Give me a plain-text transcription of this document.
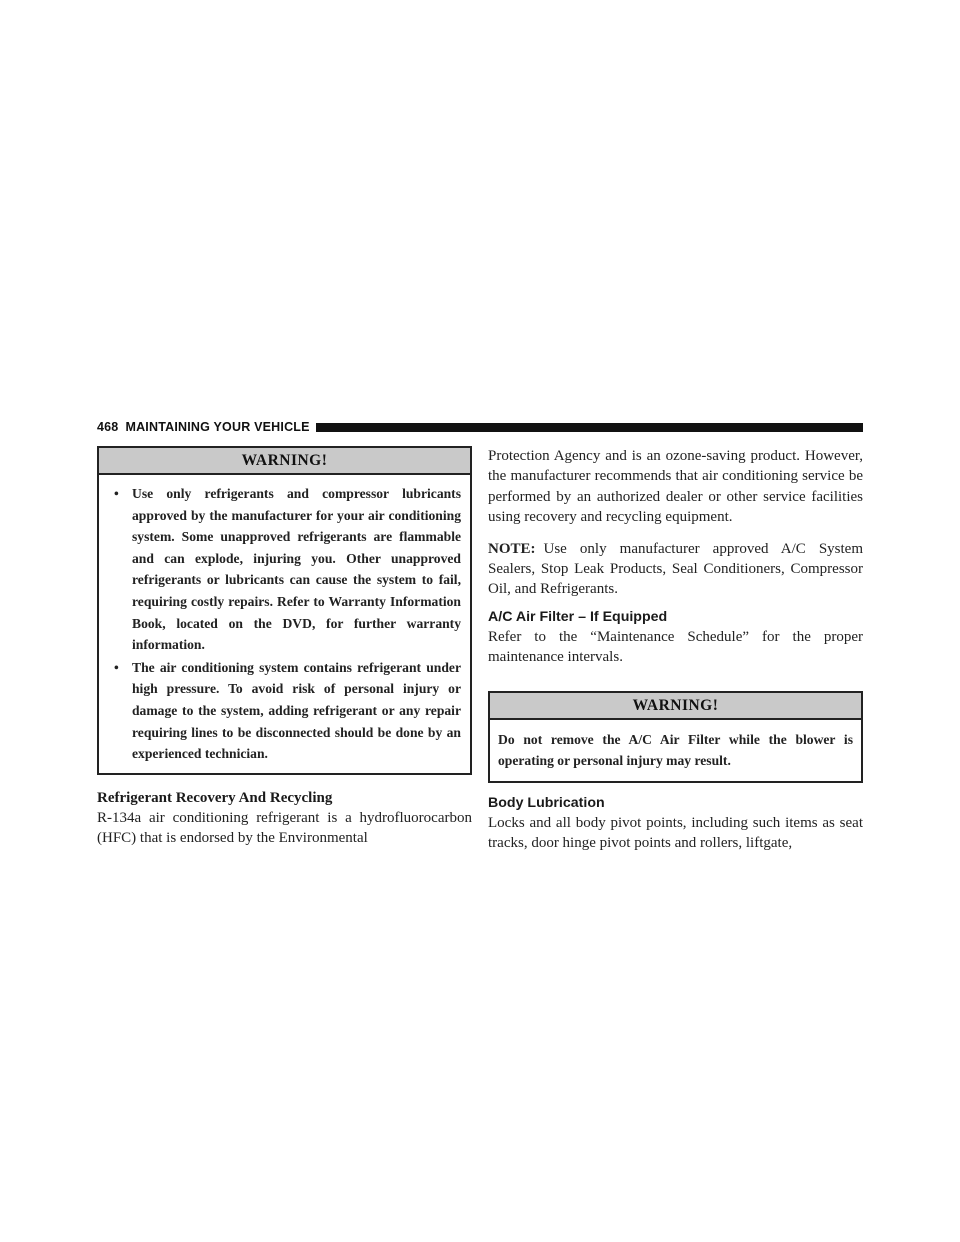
468 MAINTAINING YOUR VEHICLE
WARNING!
• Use only refrigerants and compressor lubricants approved by the manufacturer for your air conditioning system. Some unapproved refrigerants are flammable and can explode, injuring you. Other unapproved refrigerants or lubricants can cause the system to fail, requiring costly repairs. Refer to Warranty Information Book, located on the DVD, for further warranty information.
• The air conditioning system contains refrigerant under high pressure. To avoid risk of personal injury or damage to the system, adding refrigerant or any repair requiring lines to be disconnected should be done by an experienced technician.
Refrigerant Recovery And Recycling

R-134a air conditioning refrigerant is a hydrofluorocarbon (HFC) that is endorsed by the Environmental

Protection Agency and is an ozone-saving product. However, the manufacturer recommends that air conditioning service be performed by an authorized dealer or other service facilities using recovery and recycling equipment.

NOTE: Use only manufacturer approved A/C System Sealers, Stop Leak Products, Seal Conditioners, Compressor Oil, and Refrigerants.

A/C Air Filter – If Equipped

Refer to the “Maintenance Schedule” for the proper maintenance intervals.

WARNING!
Do not remove the A/C Air Filter while the blower is operating or personal injury may result.
Body Lubrication

Locks and all body pivot points, including such items as seat tracks, door hinge pivot points and rollers, liftgate,
